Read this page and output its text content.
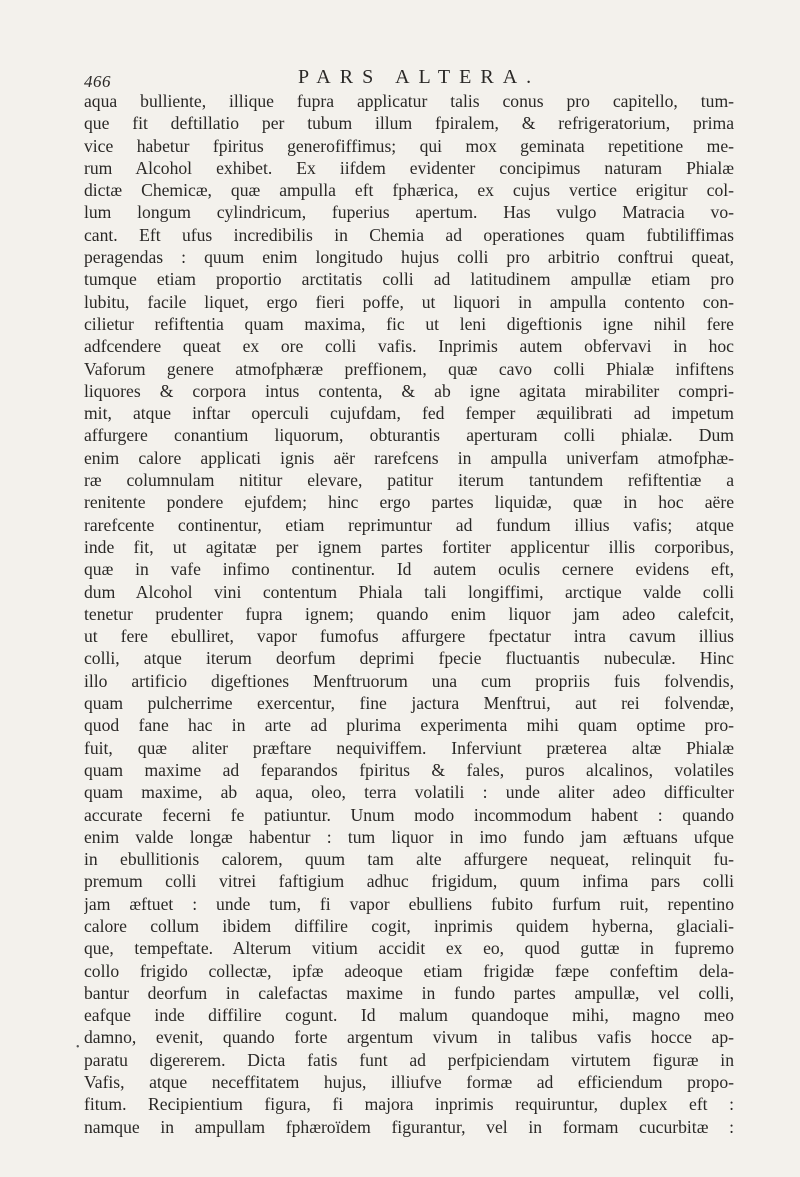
466	PARS ALTERA.
aqua bulliente, illique fupra applicatur talis conus pro capitello, tum-
que fit deftillatio per tubum illum fpiralem, & refrigeratorium, prima
vice habetur fpiritus generofiffimus; qui mox geminata repetitione me-
rum Alcohol exhibet. Ex iifdem evidenter concipimus naturam Phialæ
dictæ Chemicæ, quæ ampulla eft fphærica, ex cujus vertice erigitur col-
lum longum cylindricum, fuperius apertum. Has vulgo Matracia vo-
cant. Eft ufus incredibilis in Chemia ad operationes quam fubtiliffimas
peragendas : quum enim longitudo hujus colli pro arbitrio conftrui queat,
tumque etiam proportio arctitatis colli ad latitudinem ampullæ etiam pro
lubitu, facile liquet, ergo fieri poffe, ut liquori in ampulla contento con-
cilietur refiftentia quam maxima, fic ut leni digeftionis igne nihil fere
adfcendere queat ex ore colli vafis. Inprimis autem obfervavi in hoc
Vaforum genere atmofphæræ preffionem, quæ cavo colli Phialæ infiftens
liquores & corpora intus contenta, & ab igne agitata mirabiliter compri-
mit, atque inftar operculi cujufdam, fed femper æquilibrati ad impetum
affurgere conantium liquorum, obturantis aperturam colli phialæ. Dum
enim calore applicati ignis aër rarefcens in ampulla univerfam atmofphæ-
ræ columnulam nititur elevare, patitur iterum tantundem refiftentiæ a
renitente pondere ejufdem; hinc ergo partes liquidæ, quæ in hoc aëre
rarefcente continentur, etiam reprimuntur ad fundum illius vafis; atque
inde fit, ut agitatæ per ignem partes fortiter applicentur illis corporibus,
quæ in vafe infimo continentur. Id autem oculis cernere evidens eft,
dum Alcohol vini contentum Phiala tali longiffimi, arctique valde colli
tenetur prudenter fupra ignem; quando enim liquor jam adeo calefcit,
ut fere ebulliret, vapor fumofus affurgere fpectatur intra cavum illius
colli, atque iterum deorfum deprimi fpecie fluctuantis nubeculæ. Hinc
illo artificio digeftiones Menftruorum una cum propriis fuis folvendis,
quam pulcherrime exercentur, fine jactura Menftrui, aut rei folvendæ,
quod fane hac in arte ad plurima experimenta mihi quam optime pro-
fuit, quæ aliter præftare nequiviffem. Inferviunt præterea altæ Phialæ
quam maxime ad feparandos fpiritus & fales, puros alcalinos, volatiles
quam maxime, ab aqua, oleo, terra volatili : unde aliter adeo difficulter
accurate fecerni fe patiuntur. Unum modo incommodum habent : quando
enim valde longæ habentur : tum liquor in imo fundo jam æftuans ufque
in ebullitionis calorem, quum tam alte affurgere nequeat, relinquit fu-
premum colli vitrei faftigium adhuc frigidum, quum infima pars colli
jam æftuet : unde tum, fi vapor ebulliens fubito furfum ruit, repentino
calore collum ibidem diffilire cogit, inprimis quidem hyberna, glaciali-
que, tempeftate. Alterum vitium accidit ex eo, quod guttæ in fupremo
collo frigido collectæ, ipfæ adeoque etiam frigidæ fæpe confeftim dela-
bantur deorfum in calefactas maxime in fundo partes ampullæ, vel colli,
eafque inde diffilire cogunt. Id malum quandoque mihi, magno meo
damno, evenit, quando forte argentum vivum in talibus vafis hocce ap-
paratu digererem. Dicta fatis funt ad perfpiciendam virtutem figuræ in
Vafis, atque neceffitatem hujus, illiufve formæ ad efficiendum propo-
fitum. Recipientium figura, fi majora inprimis requiruntur, duplex eft :
namque in ampullam fphæroïdem figurantur, vel in formam cucurbitæ :
•
